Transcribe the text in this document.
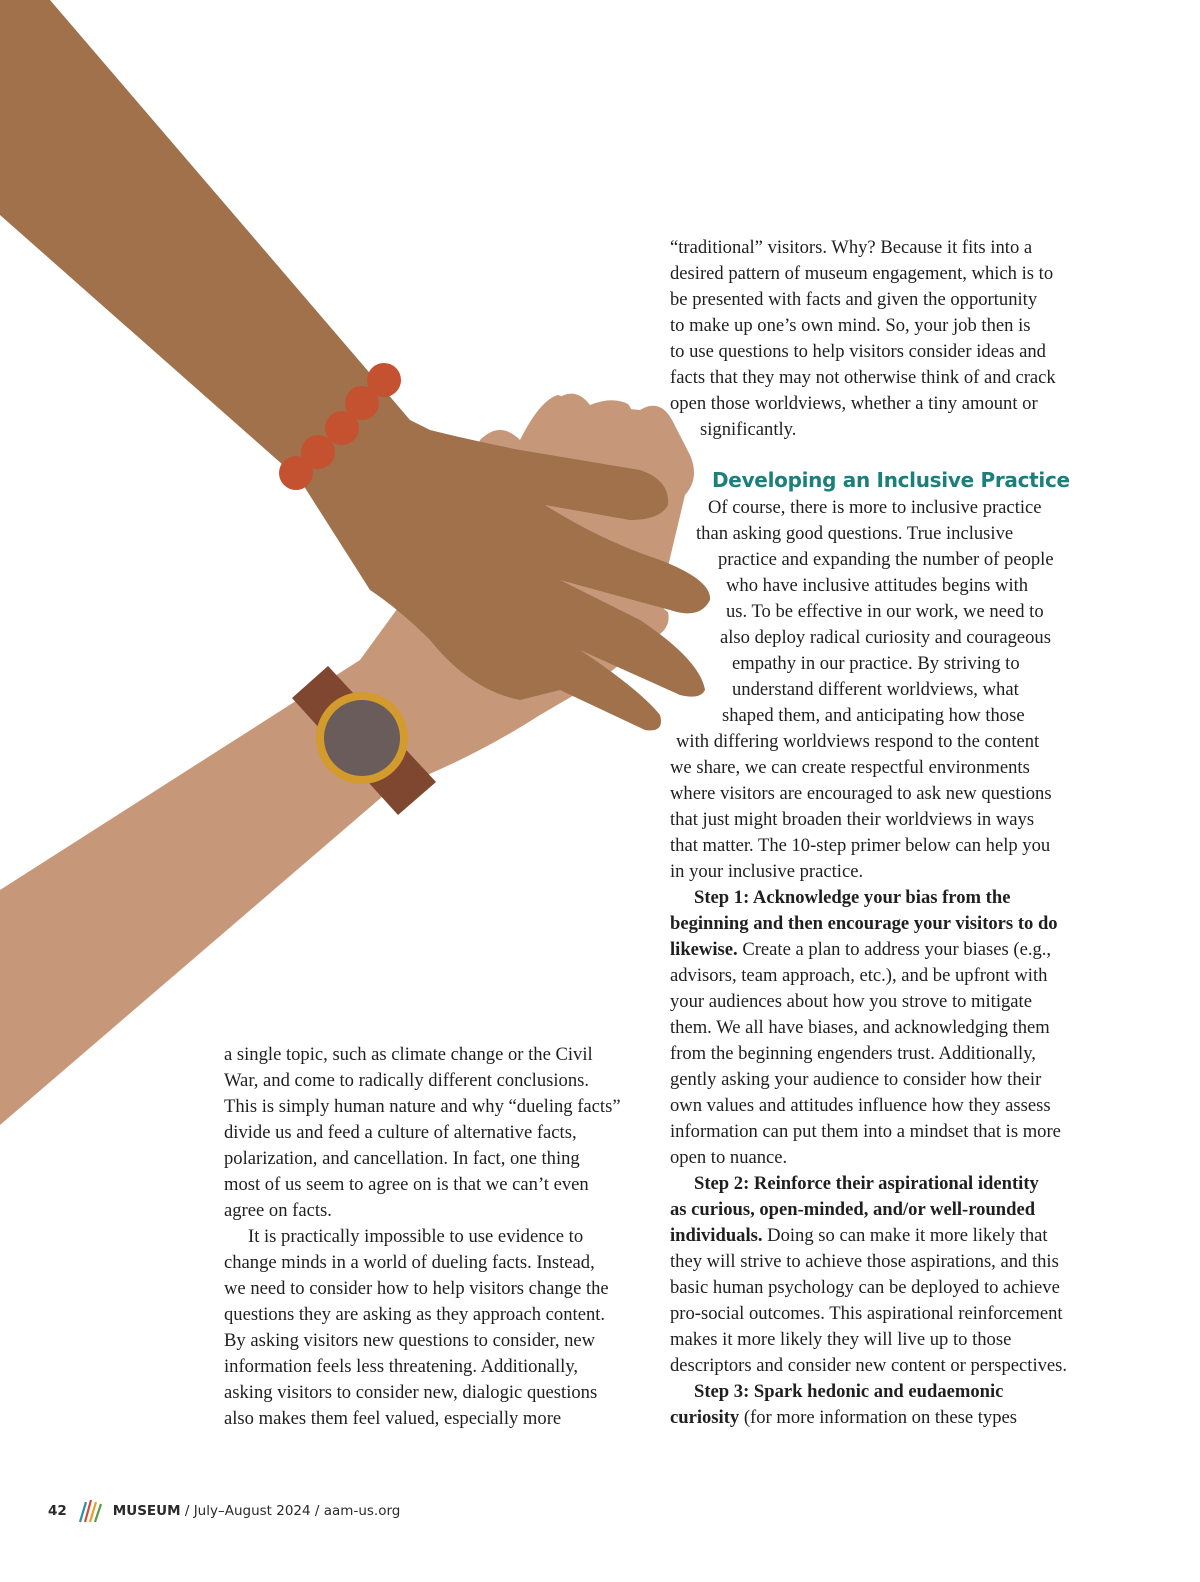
Developing an Inclusive Practice
a single topic, such as climate change or the Civil
War, and come to radically different conclusions.
This is simply human nature and why “dueling facts”
divide us and feed a culture of alternative facts,
polarization, and cancellation. In fact, one thing
most of us seem to agree on is that we can’t even
agree on facts.
It is practically impossible to use evidence to
change minds in a world of dueling facts. Instead,
we need to consider how to help visitors change the
questions they are asking as they approach content.
By asking visitors new questions to consider, new
information feels less threatening. Additionally,
asking visitors to consider new, dialogic questions
also makes them feel valued, especially more
“traditional” visitors. Why? Because it fits into a
desired pattern of museum engagement, which is to
be presented with facts and given the opportunity
to make up one’s own mind. So, your job then is
to use questions to help visitors consider ideas and
facts that they may not otherwise think of and crack
open those worldviews, whether a tiny amount or
significantly.
Of course, there is more to inclusive practice
than asking good questions. True inclusive
practice and expanding the number of people
who have inclusive attitudes begins with
us. To be effective in our work, we need to
also deploy radical curiosity and courageous
empathy in our practice. By striving to
understand different worldviews, what
shaped them, and anticipating how those
with differing worldviews respond to the content
we share, we can create respectful environments
where visitors are encouraged to ask new questions
that just might broaden their worldviews in ways
that matter. The 10-step primer below can help you
in your inclusive practice.
Step 1: Acknowledge your bias from the
beginning and then encourage your visitors to do
likewise. Create a plan to address your biases (e.g.,
advisors, team approach, etc.), and be upfront with
your audiences about how you strove to mitigate
them. We all have biases, and acknowledging them
from the beginning engenders trust. Additionally,
gently asking your audience to consider how their
own values and attitudes influence how they assess
information can put them into a mindset that is more
open to nuance.
Step 2: Reinforce their aspirational identity
as curious, open-minded, and/or well-rounded
individuals. Doing so can make it more likely that
they will strive to achieve those aspirations, and this
basic human psychology can be deployed to achieve
pro-social outcomes. This aspirational reinforcement
makes it more likely they will live up to those
descriptors and consider new content or perspectives.
Step 3: Spark hedonic and eudaemonic
curiosity (for more information on these types
42	MUSEUM / July–August 2024 / aam-us.org
